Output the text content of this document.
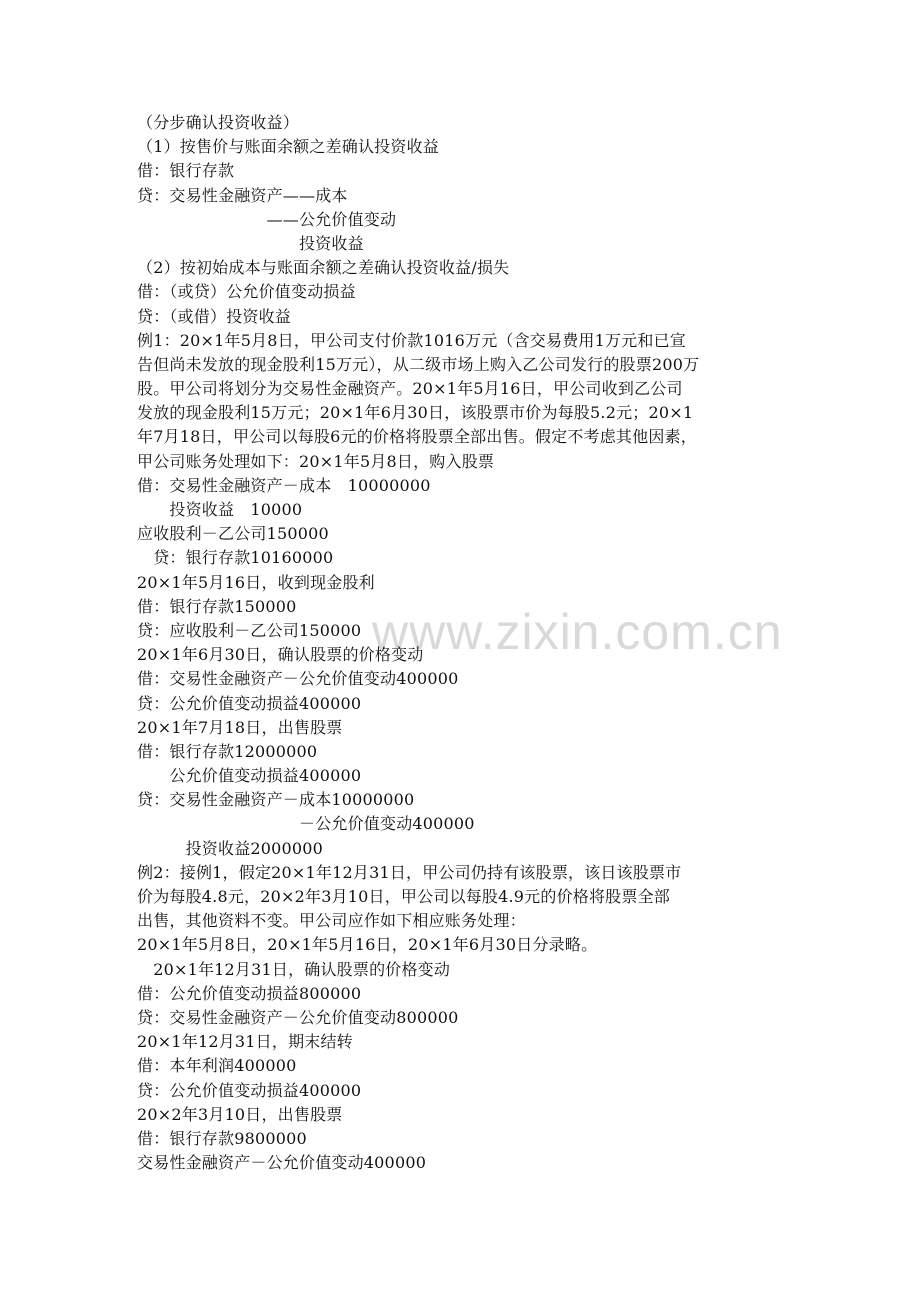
www.zixin.com.cn
（分步确认投资收益）
（1）按售价与账面余额之差确认投资收益
借：银行存款
贷：交易性金融资产——成本
　　　　　　　　——公允价值变动
　　　　　　　　　　投资收益
（2）按初始成本与账面余额之差确认投资收益/损失
借：（或贷）公允价值变动损益
贷：（或借）投资收益
例1：20×1年5月8日，甲公司支付价款1016万元（含交易费用1万元和已宣
告但尚未发放的现金股利15万元），从二级市场上购入乙公司发行的股票200万
股。甲公司将划分为交易性金融资产。20×1年5月16日，甲公司收到乙公司
发放的现金股利15万元；20×1年6月30日，该股票市价为每股5.2元；20×1
年7月18日，甲公司以每股6元的价格将股票全部出售。假定不考虑其他因素，
甲公司账务处理如下：20×1年5月8日，购入股票
借：交易性金融资产－成本　10000000
　　投资收益　10000
应收股利－乙公司150000
　贷：银行存款10160000
20×1年5月16日，收到现金股利
借：银行存款150000
贷：应收股利－乙公司150000
20×1年6月30日，确认股票的价格变动
借：交易性金融资产－公允价值变动400000
贷：公允价值变动损益400000
20×1年7月18日，出售股票
借：银行存款12000000
　　公允价值变动损益400000
贷：交易性金融资产－成本10000000
　　　　　　　　　　－公允价值变动400000
　　　投资收益2000000
例2：接例1，假定20×1年12月31日，甲公司仍持有该股票，该日该股票市
价为每股4.8元，20×2年3月10日，甲公司以每股4.9元的价格将股票全部
出售，其他资料不变。甲公司应作如下相应账务处理：
20×1年5月8日，20×1年5月16日，20×1年6月30日分录略。
　20×1年12月31日，确认股票的价格变动
借：公允价值变动损益800000
贷：交易性金融资产－公允价值变动800000
20×1年12月31日，期末结转
借：本年利润400000
贷：公允价值变动损益400000
20×2年3月10日，出售股票
借：银行存款9800000
交易性金融资产－公允价值变动400000
